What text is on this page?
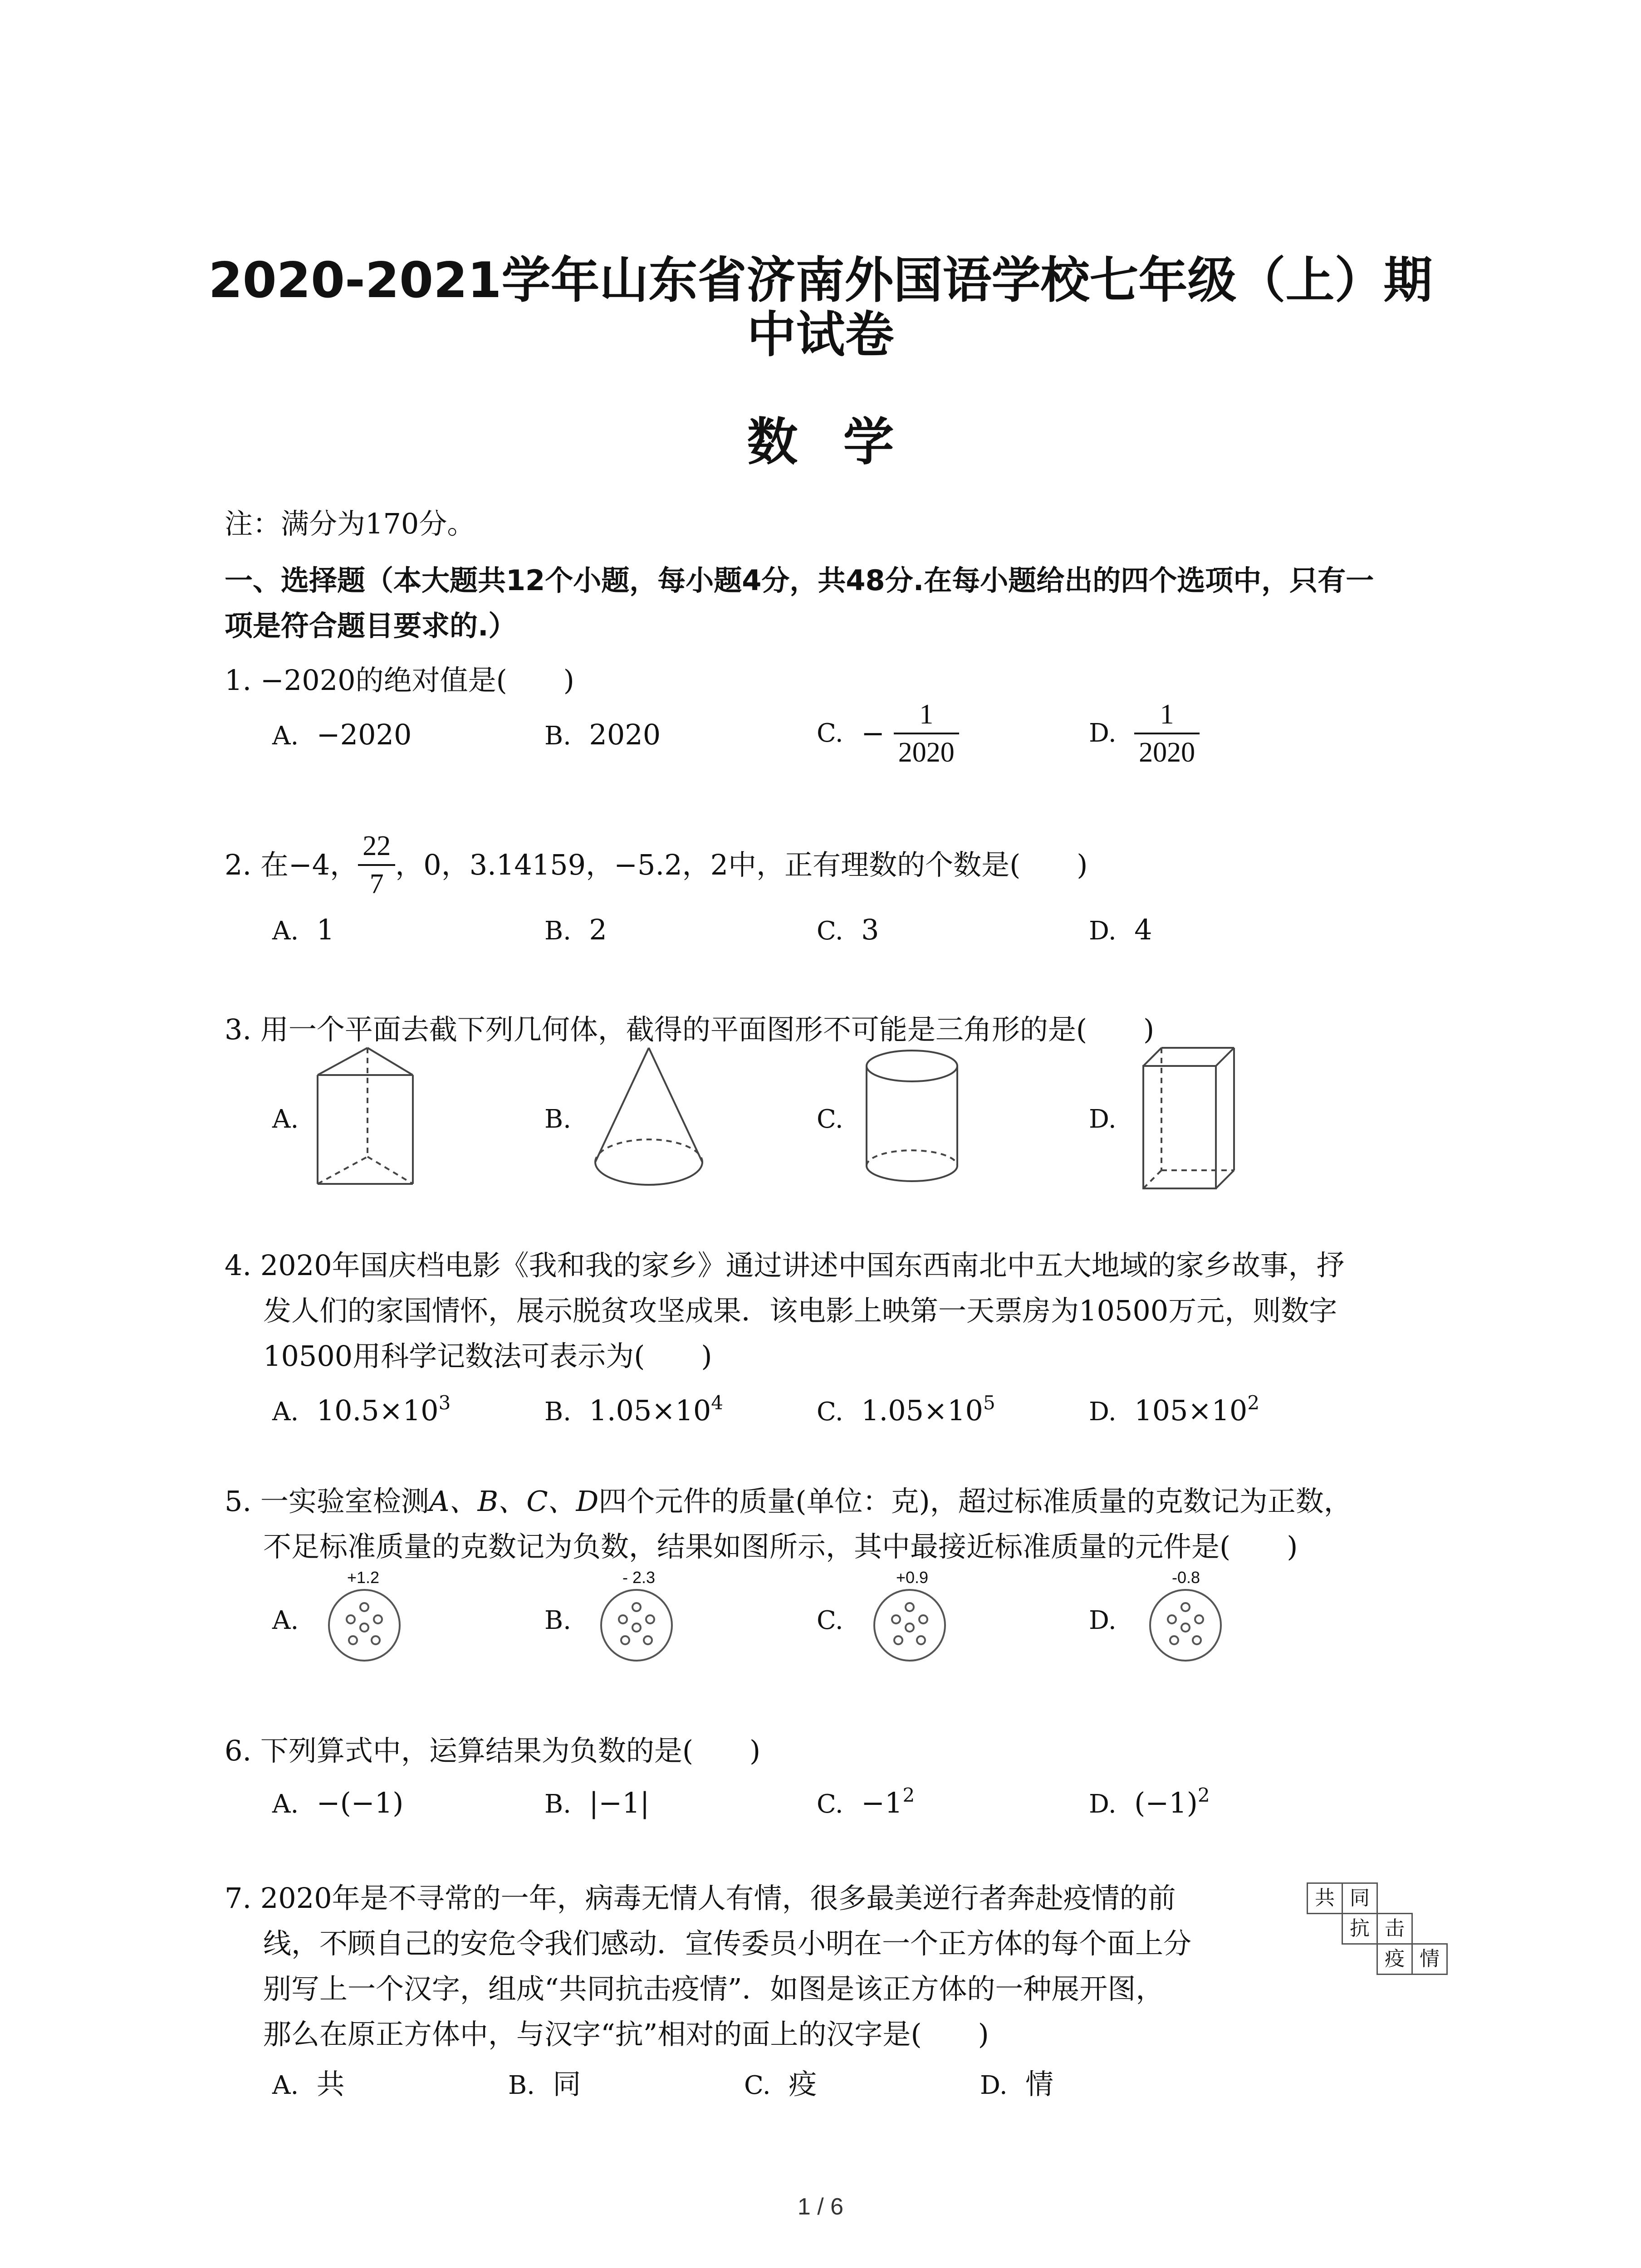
2020-2021学年山东省济南外国语学校七年级（上）期
中试卷
数学
注：满分为170分。
一、选择题（本大题共12个小题，每小题4分，共48分.在每小题给出的四个选项中，只有一
项是符合题目要求的.）
1. −2020的绝对值是(　　)
A. −2020	B. 2020	C. − $\frac{1}{2020}$	D. $\frac{1}{2020}$
2. 在−4， $\frac{22}{7}$ ，0，3.14159，−5.2，2中，正有理数的个数是(　　)
A. 1	B. 2	C. 3	D. 4
3. 用一个平面去截下列几何体，截得的平面图形不可能是三角形的是(　　)
A.	B.	C.	D.
4. 2020年国庆档电影《我和我的家乡》通过讲述中国东西南北中五大地域的家乡故事，抒
发人们的家国情怀，展示脱贫攻坚成果．该电影上映第一天票房为10500万元，则数字
10500用科学记数法可表示为(　　)
A. $10.5\times 10^3$	B. $1.05\times 10^4$	C. $1.05\times 10^5$	D. $105\times 10^2$
5. 一实验室检测A、B、C、D四个元件的质量(单位：克)，超过标准质量的克数记为正数，
不足标准质量的克数记为负数，结果如图所示，其中最接近标准质量的元件是(　　)
A.
+1.2
B.
- 2.3
C.
+0.9
D.
-0.8
6. 下列算式中，运算结果为负数的是(　　)
A. −(−1)	B. |−1|	C. $-1^2$	D. $(-1)^2$
7. 2020年是不寻常的一年，病毒无情人有情，很多最美逆行者奔赴疫情的前
线，不顾自己的安危令我们感动．宣传委员小明在一个正方体的每个面上分
别写上一个汉字，组成“共同抗击疫情”．如图是该正方体的一种展开图，
那么在原正方体中，与汉字“抗”相对的面上的汉字是(　　)
共 同
抗 击
疫 情
A. 共	B. 同	C. 疫	D. 情
1 / 6
